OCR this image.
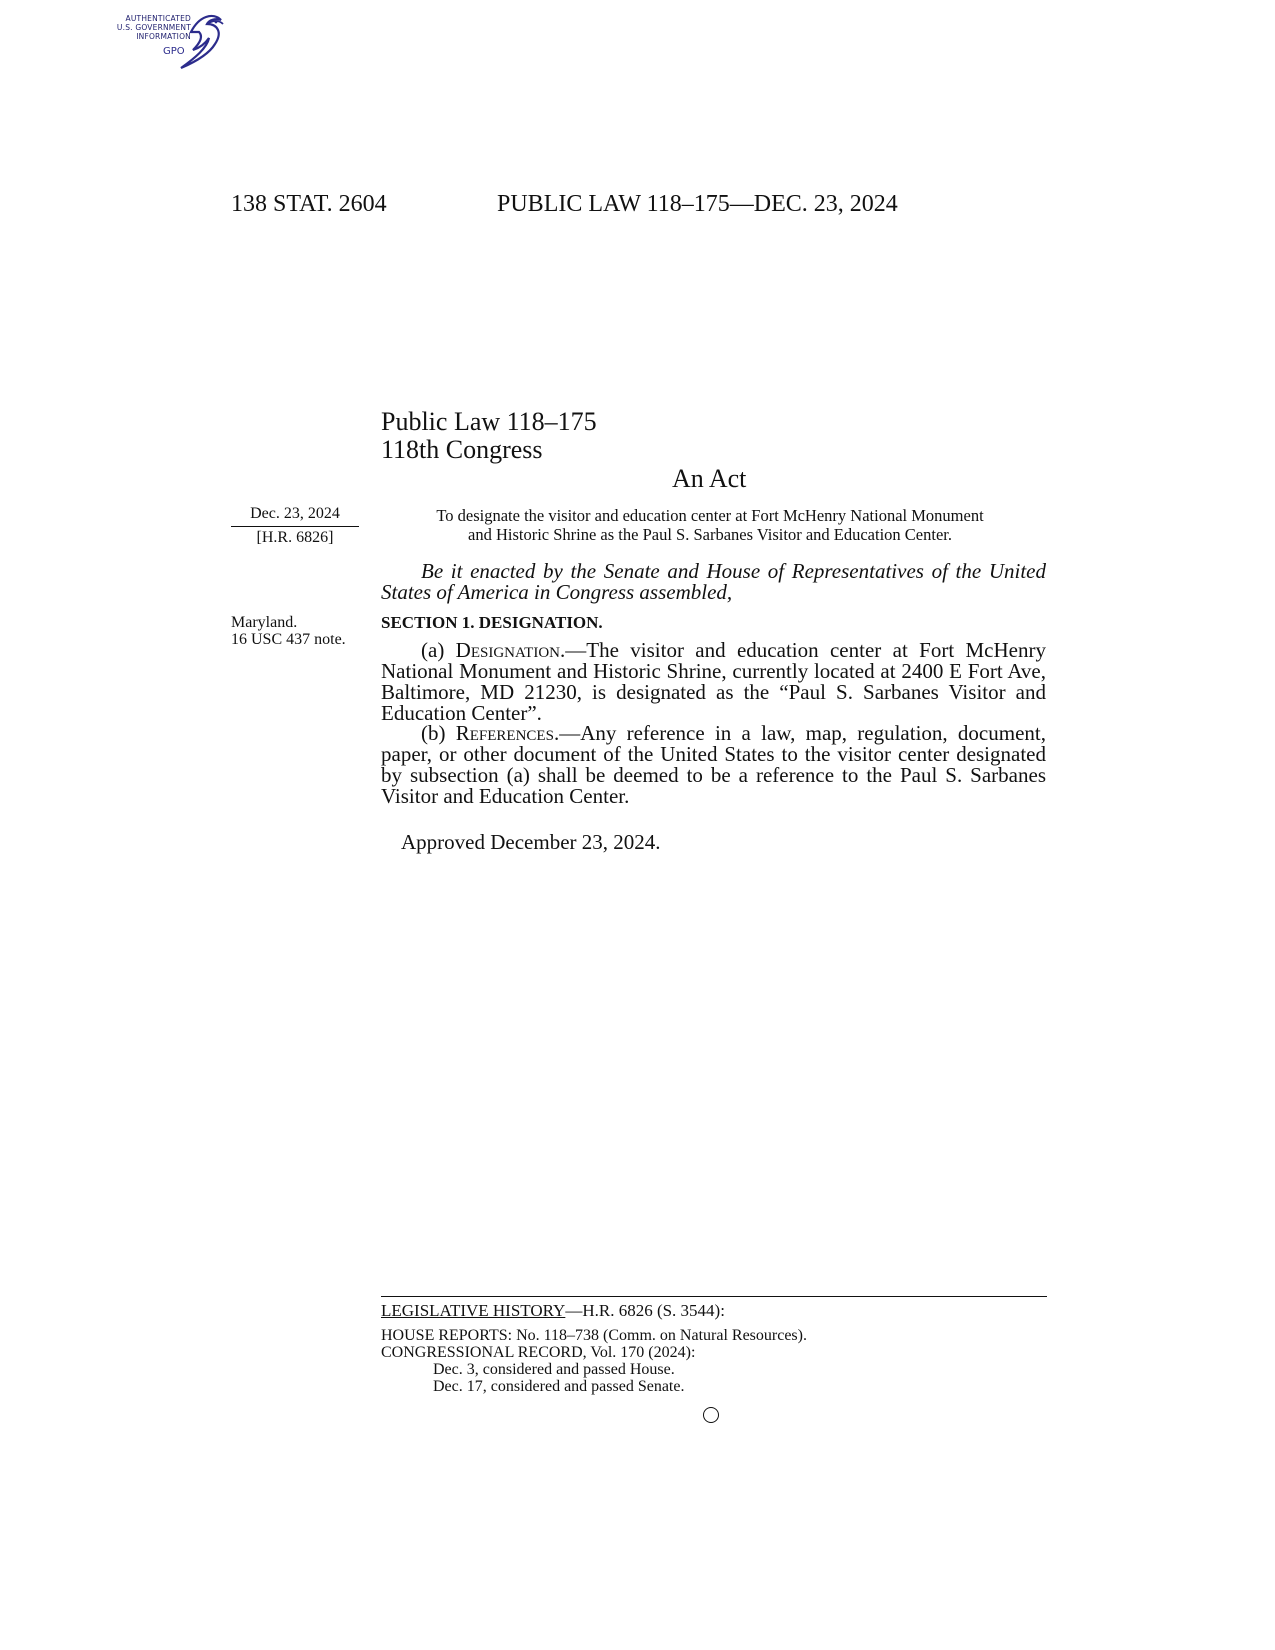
AUTHENTICATED
U.S. GOVERNMENT
INFORMATION
GPO
138 STAT. 2604	PUBLIC LAW 118–175—DEC. 23, 2024
Public Law 118–175
118th Congress
An Act
Dec. 23, 2024
[H.R. 6826]
Maryland.
16 USC 437 note.
To designate the visitor and education center at Fort McHenry National Monument
and Historic Shrine as the Paul S. Sarbanes Visitor and Education Center.
Be it enacted by the Senate and House of Representatives of the United States of America in Congress assembled,
SECTION 1. DESIGNATION.
(a) Designation.—The visitor and education center at Fort McHenry National Monument and Historic Shrine, currently located at 2400 E Fort Ave, Baltimore, MD 21230, is designated as the “Paul S. Sarbanes Visitor and Education Center”.
(b) References.—Any reference in a law, map, regulation, document, paper, or other document of the United States to the visitor center designated by subsection (a) shall be deemed to be a reference to the Paul S. Sarbanes Visitor and Education Center.
Approved December 23, 2024.
LEGISLATIVE HISTORY—H.R. 6826 (S. 3544):
HOUSE REPORTS: No. 118–738 (Comm. on Natural Resources).
CONGRESSIONAL RECORD, Vol. 170 (2024):
Dec. 3, considered and passed House.
Dec. 17, considered and passed Senate.
